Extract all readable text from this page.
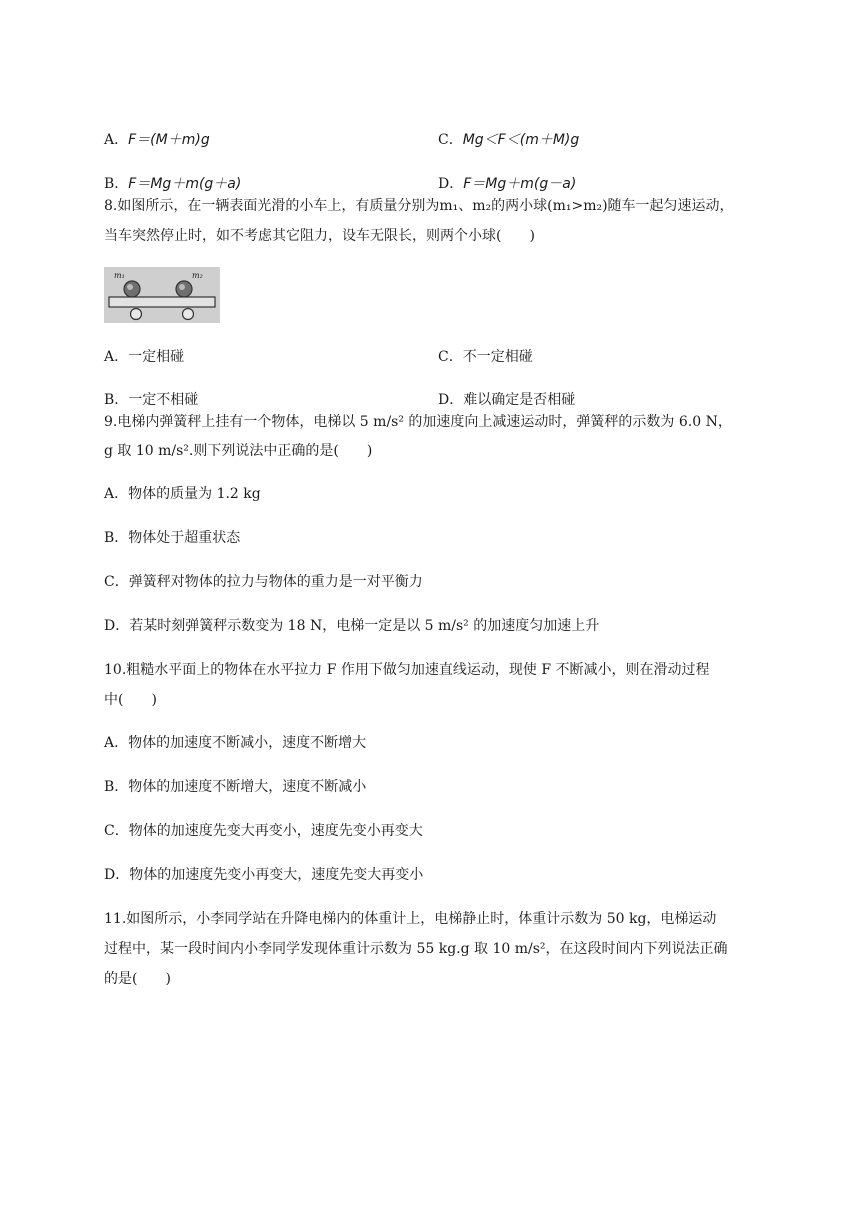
A．F＝(M＋m)g	C．Mg＜F＜(m＋M)g
B．F＝Mg＋m(g＋a)	D．F＝Mg＋m(g－a)
8.如图所示，在一辆表面光滑的小车上，有质量分别为m₁、m₂的两小球(m₁>m₂)随车一起匀速运动，
当车突然停止时，如不考虑其它阻力，设车无限长，则两个小球(　　)
m₁	m₂
A．一定相碰	C．不一定相碰
B．一定不相碰	D．难以确定是否相碰
9.电梯内弹簧秤上挂有一个物体，电梯以 5 m/s² 的加速度向上减速运动时，弹簧秤的示数为 6.0 N，
g 取 10 m/s².则下列说法中正确的是(　　)
A．物体的质量为 1.2 kg
B．物体处于超重状态
C．弹簧秤对物体的拉力与物体的重力是一对平衡力
D．若某时刻弹簧秤示数变为 18 N，电梯一定是以 5 m/s² 的加速度匀加速上升
10.粗糙水平面上的物体在水平拉力 F 作用下做匀加速直线运动，现使 F 不断减小，则在滑动过程
中(　　)
A．物体的加速度不断减小，速度不断增大
B．物体的加速度不断增大，速度不断减小
C．物体的加速度先变大再变小，速度先变小再变大
D．物体的加速度先变小再变大，速度先变大再变小
11.如图所示，小李同学站在升降电梯内的体重计上，电梯静止时，体重计示数为 50 kg，电梯运动
过程中，某一段时间内小李同学发现体重计示数为 55 kg.g 取 10 m/s²，在这段时间内下列说法正确
的是(　　)
